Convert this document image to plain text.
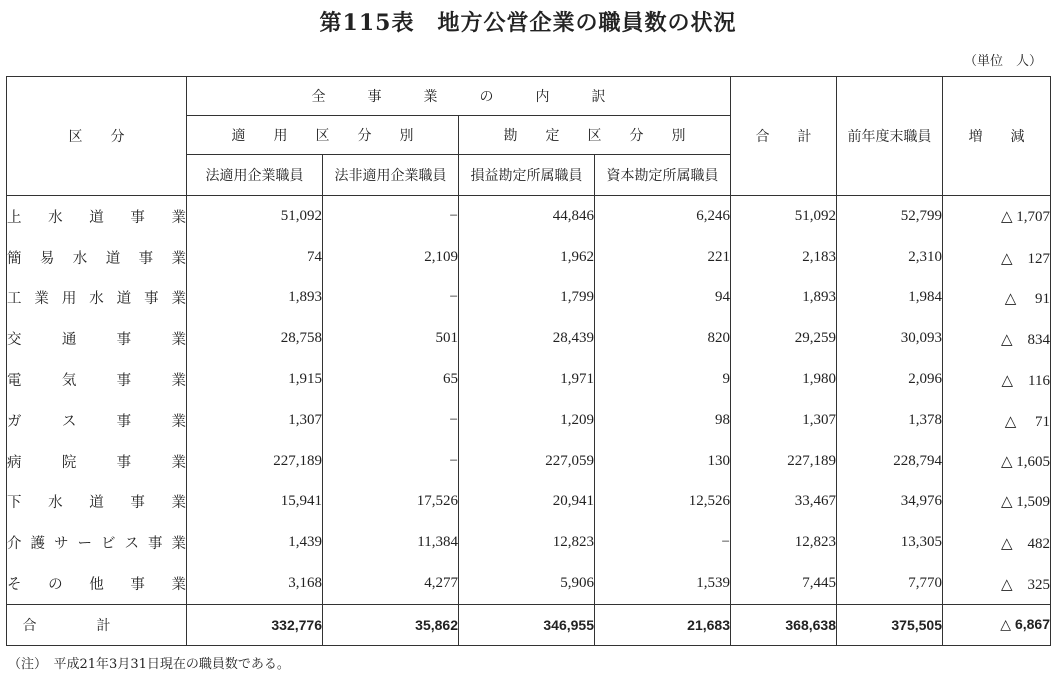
第115表　地方公営企業の職員数の状況
（単位　人）
区　　分	全　　　事　　　業　　　の　　　内　　　訳				合　　計	前年度末職員	増　　減
	適　　用　　区　　分　　別		勘　　定　　区　　分　　別				
	法適用企業職員	法非適用企業職員	損益勘定所属職員	資本勘定所属職員			
上水道事業	51,092	−	44,846	6,246	51,092	52,799	△ 1,707
簡易水道事業	74	2,109	1,962	221	2,183	2,310	△　127
工業用水道事業	1,893	−	1,799	94	1,893	1,984	△　 91
交通事業	28,758	501	28,439	820	29,259	30,093	△　834
電気事業	1,915	65	1,971	9	1,980	2,096	△　116
ガス事業	1,307	−	1,209	98	1,307	1,378	△　 71
病院事業	227,189	−	227,059	130	227,189	228,794	△ 1,605
下水道事業	15,941	17,526	20,941	12,526	33,467	34,976	△ 1,509
介護サービス事業	1,439	11,384	12,823	−	12,823	13,305	△　482
その他事業	3,168	4,277	5,906	1,539	7,445	7,770	△　325
合計	332,776	35,862	346,955	21,683	368,638	375,505	△ 6,867
（注）　平成21年3月31日現在の職員数である。
